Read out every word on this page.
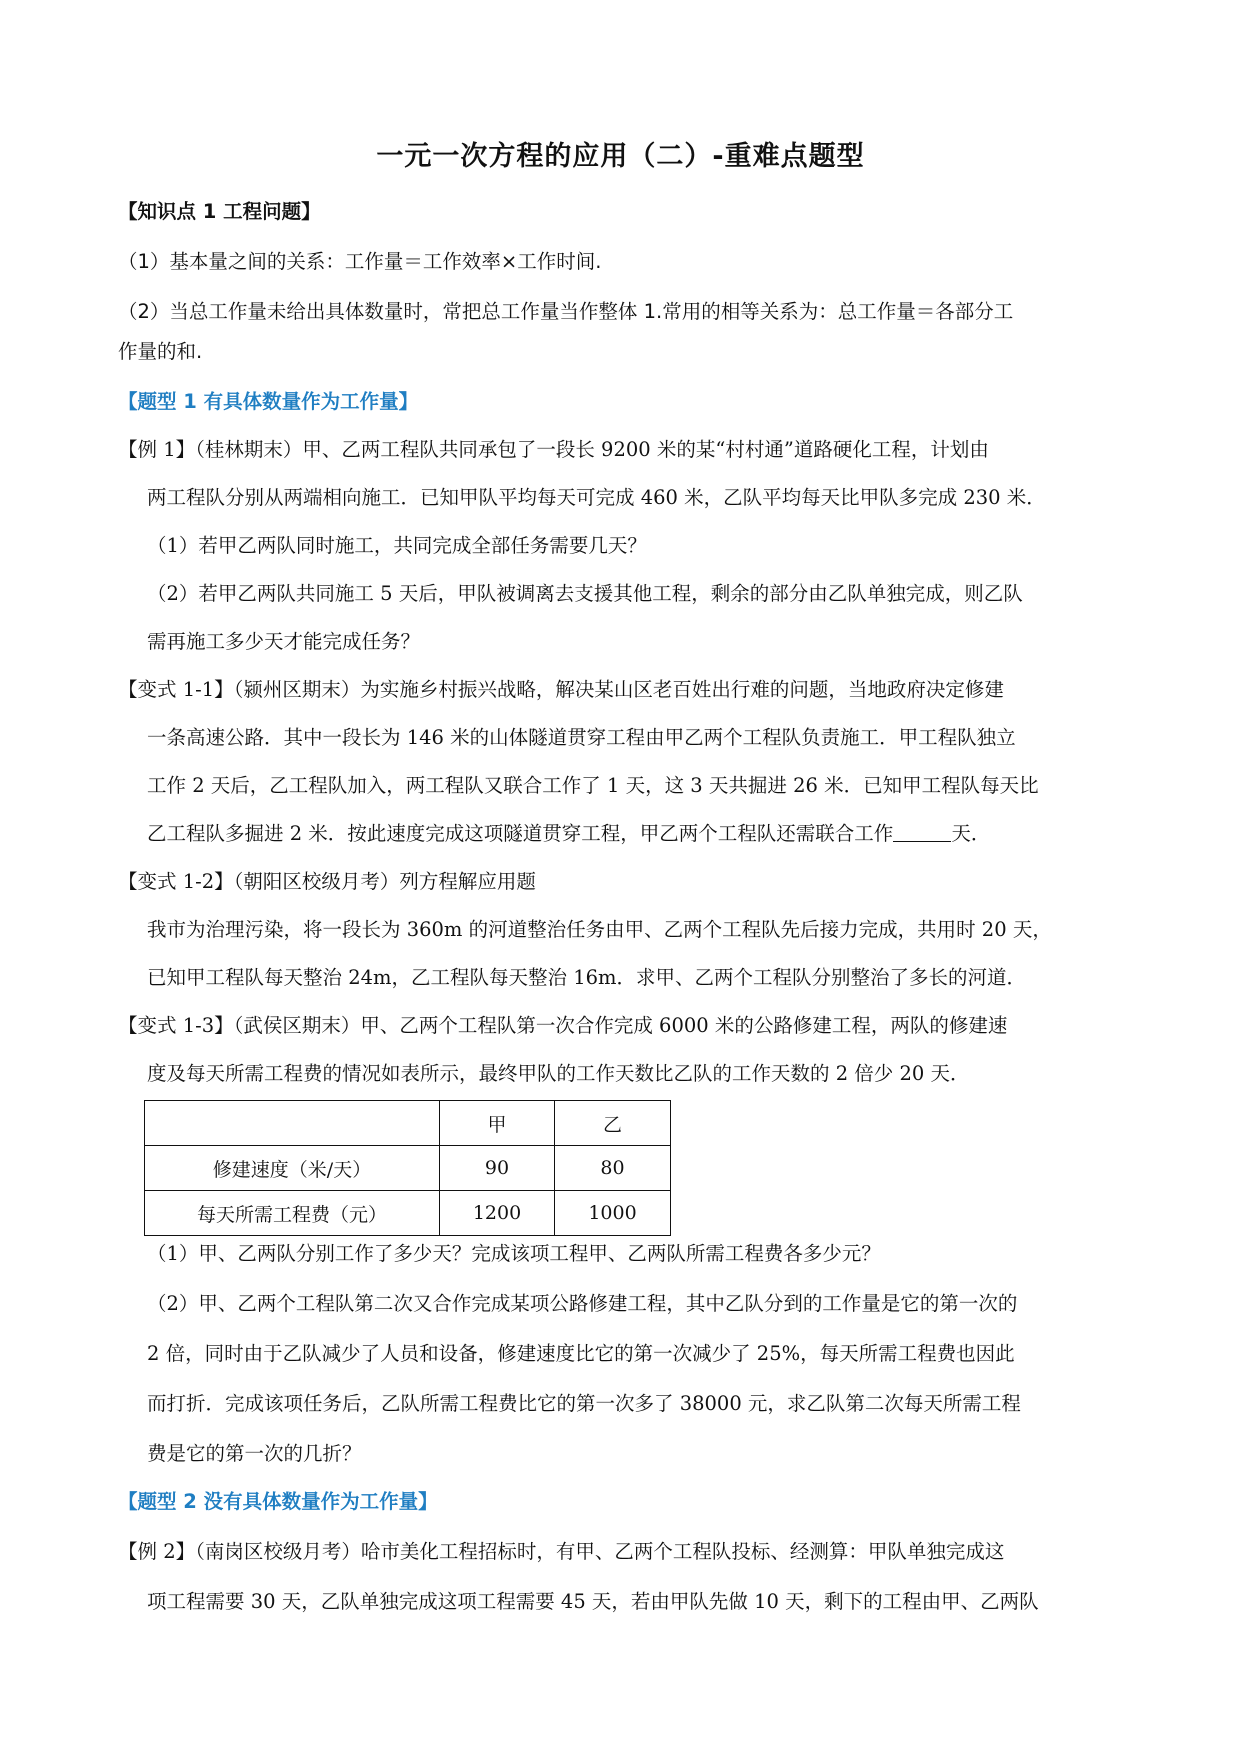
一元一次方程的应用（二）-重难点题型
【知识点 1 工程问题】
（1）基本量之间的关系：工作量＝工作效率×工作时间.
（2）当总工作量未给出具体数量时，常把总工作量当作整体 1.常用的相等关系为：总工作量＝各部分工
作量的和.
【题型 1 有具体数量作为工作量】
【例 1】（桂林期末）甲、乙两工程队共同承包了一段长 9200 米的某“村村通”道路硬化工程，计划由
两工程队分别从两端相向施工．已知甲队平均每天可完成 460 米，乙队平均每天比甲队多完成 230 米．
（1）若甲乙两队同时施工，共同完成全部任务需要几天？
（2）若甲乙两队共同施工 5 天后，甲队被调离去支援其他工程，剩余的部分由乙队单独完成，则乙队
需再施工多少天才能完成任务？
【变式 1-1】（颍州区期末）为实施乡村振兴战略，解决某山区老百姓出行难的问题，当地政府决定修建
一条高速公路．其中一段长为 146 米的山体隧道贯穿工程由甲乙两个工程队负责施工．甲工程队独立
工作 2 天后，乙工程队加入，两工程队又联合工作了 1 天，这 3 天共掘进 26 米．已知甲工程队每天比
乙工程队多掘进 2 米．按此速度完成这项隧道贯穿工程，甲乙两个工程队还需联合工作	天．
【变式 1-2】（朝阳区校级月考）列方程解应用题
我市为治理污染，将一段长为 360m 的河道整治任务由甲、乙两个工程队先后接力完成，共用时 20 天，
已知甲工程队每天整治 24m，乙工程队每天整治 16m．求甲、乙两个工程队分别整治了多长的河道．
【变式 1-3】（武侯区期末）甲、乙两个工程队第一次合作完成 6000 米的公路修建工程，两队的修建速
度及每天所需工程费的情况如表所示，最终甲队的工作天数比乙队的工作天数的 2 倍少 20 天．
	甲	乙
修建速度（米/天）	90	80
每天所需工程费（元）	1200	1000
（1）甲、乙两队分别工作了多少天？完成该项工程甲、乙两队所需工程费各多少元？
（2）甲、乙两个工程队第二次又合作完成某项公路修建工程，其中乙队分到的工作量是它的第一次的
2 倍，同时由于乙队减少了人员和设备，修建速度比它的第一次减少了 25%，每天所需工程费也因此
而打折．完成该项任务后，乙队所需工程费比它的第一次多了 38000 元，求乙队第二次每天所需工程
费是它的第一次的几折？
【题型 2 没有具体数量作为工作量】
【例 2】（南岗区校级月考）哈市美化工程招标时，有甲、乙两个工程队投标、经测算：甲队单独完成这
项工程需要 30 天，乙队单独完成这项工程需要 45 天，若由甲队先做 10 天，剩下的工程由甲、乙两队
